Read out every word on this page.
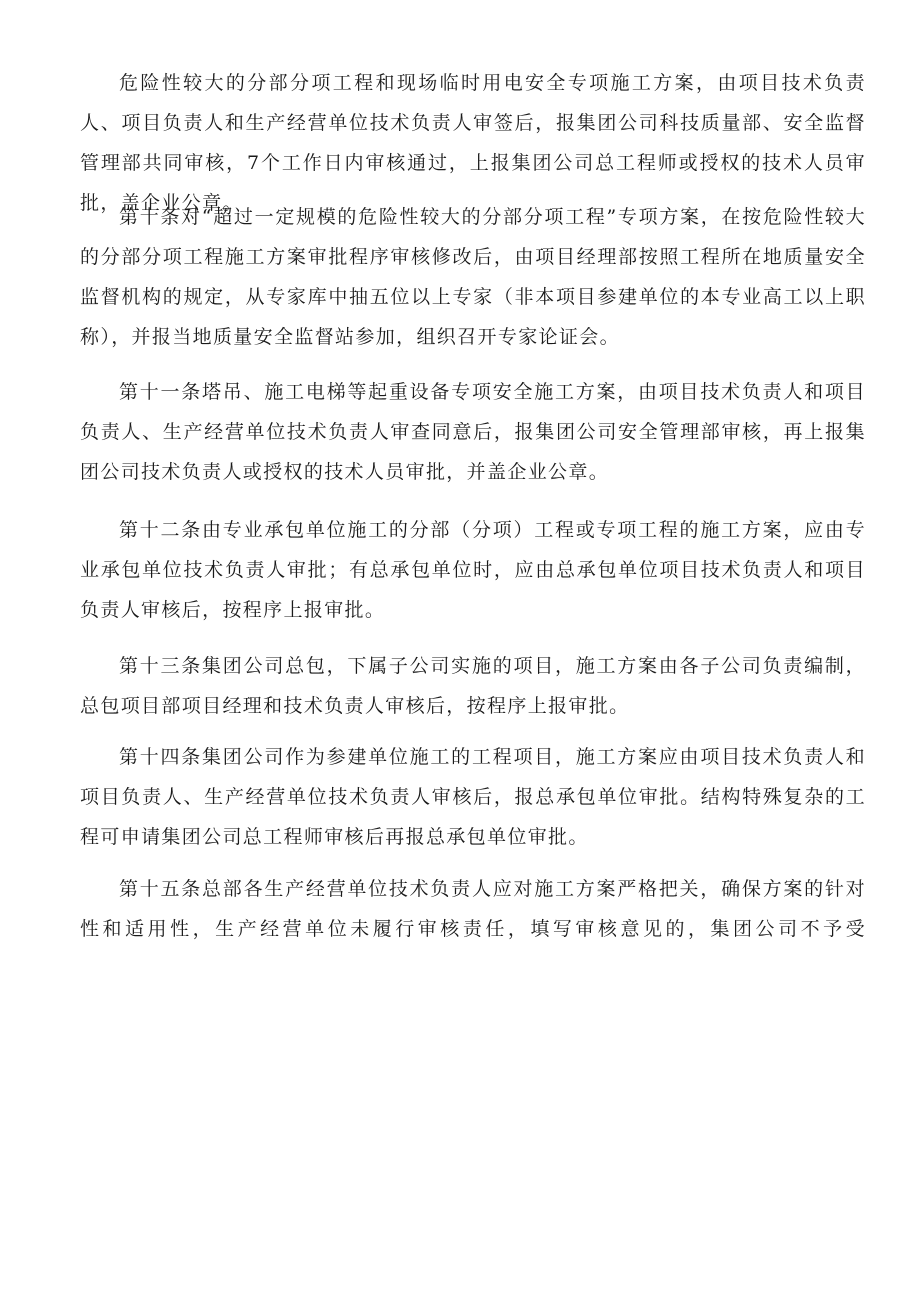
危险性较大的分部分项工程和现场临时用电安全专项施工方案，由项目技术负责人、项目负责人和生产经营单位技术负责人审签后，报集团公司科技质量部、安全监督管理部共同审核，7个工作日内审核通过，上报集团公司总工程师或授权的技术人员审批，盖企业公章。

第十条对“超过一定规模的危险性较大的分部分项工程”专项方案，在按危险性较大的分部分项工程施工方案审批程序审核修改后，由项目经理部按照工程所在地质量安全监督机构的规定，从专家库中抽五位以上专家（非本项目参建单位的本专业高工以上职称），并报当地质量安全监督站参加，组织召开专家论证会。

第十一条塔吊、施工电梯等起重设备专项安全施工方案，由项目技术负责人和项目负责人、生产经营单位技术负责人审查同意后，报集团公司安全管理部审核，再上报集团公司技术负责人或授权的技术人员审批，并盖企业公章。

第十二条由专业承包单位施工的分部（分项）工程或专项工程的施工方案，应由专业承包单位技术负责人审批；有总承包单位时，应由总承包单位项目技术负责人和项目负责人审核后，按程序上报审批。

第十三条集团公司总包，下属子公司实施的项目，施工方案由各子公司负责编制，总包项目部项目经理和技术负责人审核后，按程序上报审批。

第十四条集团公司作为参建单位施工的工程项目，施工方案应由项目技术负责人和项目负责人、生产经营单位技术负责人审核后，报总承包单位审批。结构特殊复杂的工程可申请集团公司总工程师审核后再报总承包单位审批。

第十五条总部各生产经营单位技术负责人应对施工方案严格把关，确保方案的针对性和适用性，生产经营单位未履行审核责任，填写审核意见的，集团公司不予受
